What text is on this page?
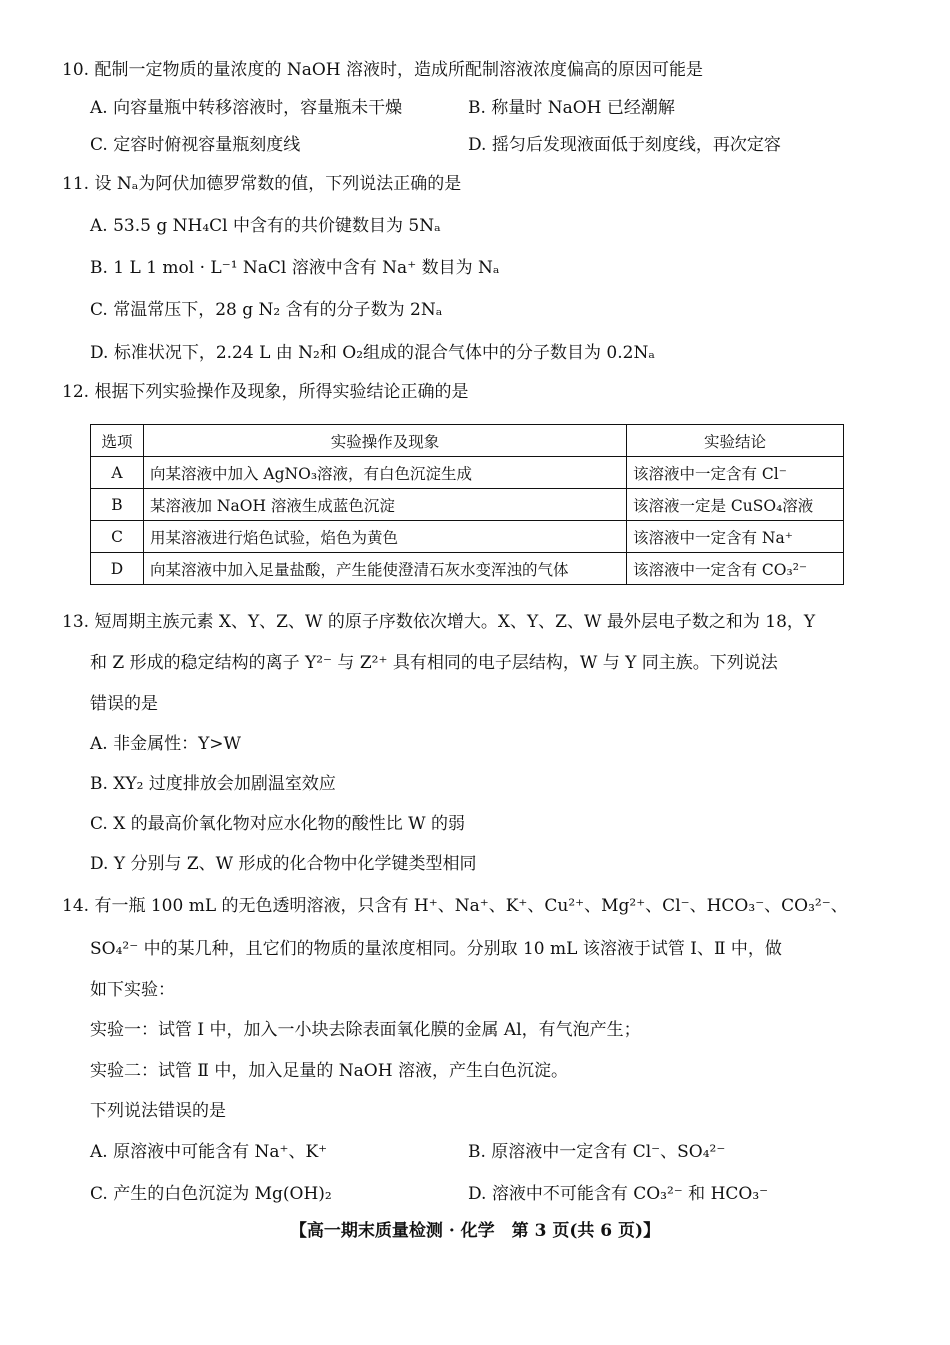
10. 配制一定物质的量浓度的 NaOH 溶液时，造成所配制溶液浓度偏高的原因可能是
A. 向容量瓶中转移溶液时，容量瓶未干燥	B. 称量时 NaOH 已经潮解
C. 定容时俯视容量瓶刻度线	D. 摇匀后发现液面低于刻度线，再次定容
11. 设 Nₐ为阿伏加德罗常数的值，下列说法正确的是
A. 53.5 g NH₄Cl 中含有的共价键数目为 5Nₐ
B. 1 L 1 mol · L⁻¹ NaCl 溶液中含有 Na⁺ 数目为 Nₐ
C. 常温常压下，28 g N₂ 含有的分子数为 2Nₐ
D. 标准状况下，2.24 L 由 N₂和 O₂组成的混合气体中的分子数目为 0.2Nₐ
12. 根据下列实验操作及现象，所得实验结论正确的是
选项	实验操作及现象	实验结论
A	向某溶液中加入 AgNO₃溶液，有白色沉淀生成	该溶液中一定含有 Cl⁻
B	某溶液加 NaOH 溶液生成蓝色沉淀	该溶液一定是 CuSO₄溶液
C	用某溶液进行焰色试验，焰色为黄色	该溶液中一定含有 Na⁺
D	向某溶液中加入足量盐酸，产生能使澄清石灰水变浑浊的气体	该溶液中一定含有 CO₃²⁻
13. 短周期主族元素 X、Y、Z、W 的原子序数依次增大。X、Y、Z、W 最外层电子数之和为 18，Y
和 Z 形成的稳定结构的离子 Y²⁻ 与 Z²⁺ 具有相同的电子层结构，W 与 Y 同主族。下列说法
错误的是
A. 非金属性：Y>W
B. XY₂ 过度排放会加剧温室效应
C. X 的最高价氧化物对应水化物的酸性比 W 的弱
D. Y 分别与 Z、W 形成的化合物中化学键类型相同
14. 有一瓶 100 mL 的无色透明溶液，只含有 H⁺、Na⁺、K⁺、Cu²⁺、Mg²⁺、Cl⁻、HCO₃⁻、CO₃²⁻、
SO₄²⁻ 中的某几种，且它们的物质的量浓度相同。分别取 10 mL 该溶液于试管 Ⅰ、Ⅱ 中，做
如下实验：
实验一：试管 Ⅰ 中，加入一小块去除表面氧化膜的金属 Al，有气泡产生；
实验二：试管 Ⅱ 中，加入足量的 NaOH 溶液，产生白色沉淀。
下列说法错误的是
A. 原溶液中可能含有 Na⁺、K⁺	B. 原溶液中一定含有 Cl⁻、SO₄²⁻
C. 产生的白色沉淀为 Mg(OH)₂	D. 溶液中不可能含有 CO₃²⁻ 和 HCO₃⁻
【高一期末质量检测 · 化学　第 3 页(共 6 页)】
